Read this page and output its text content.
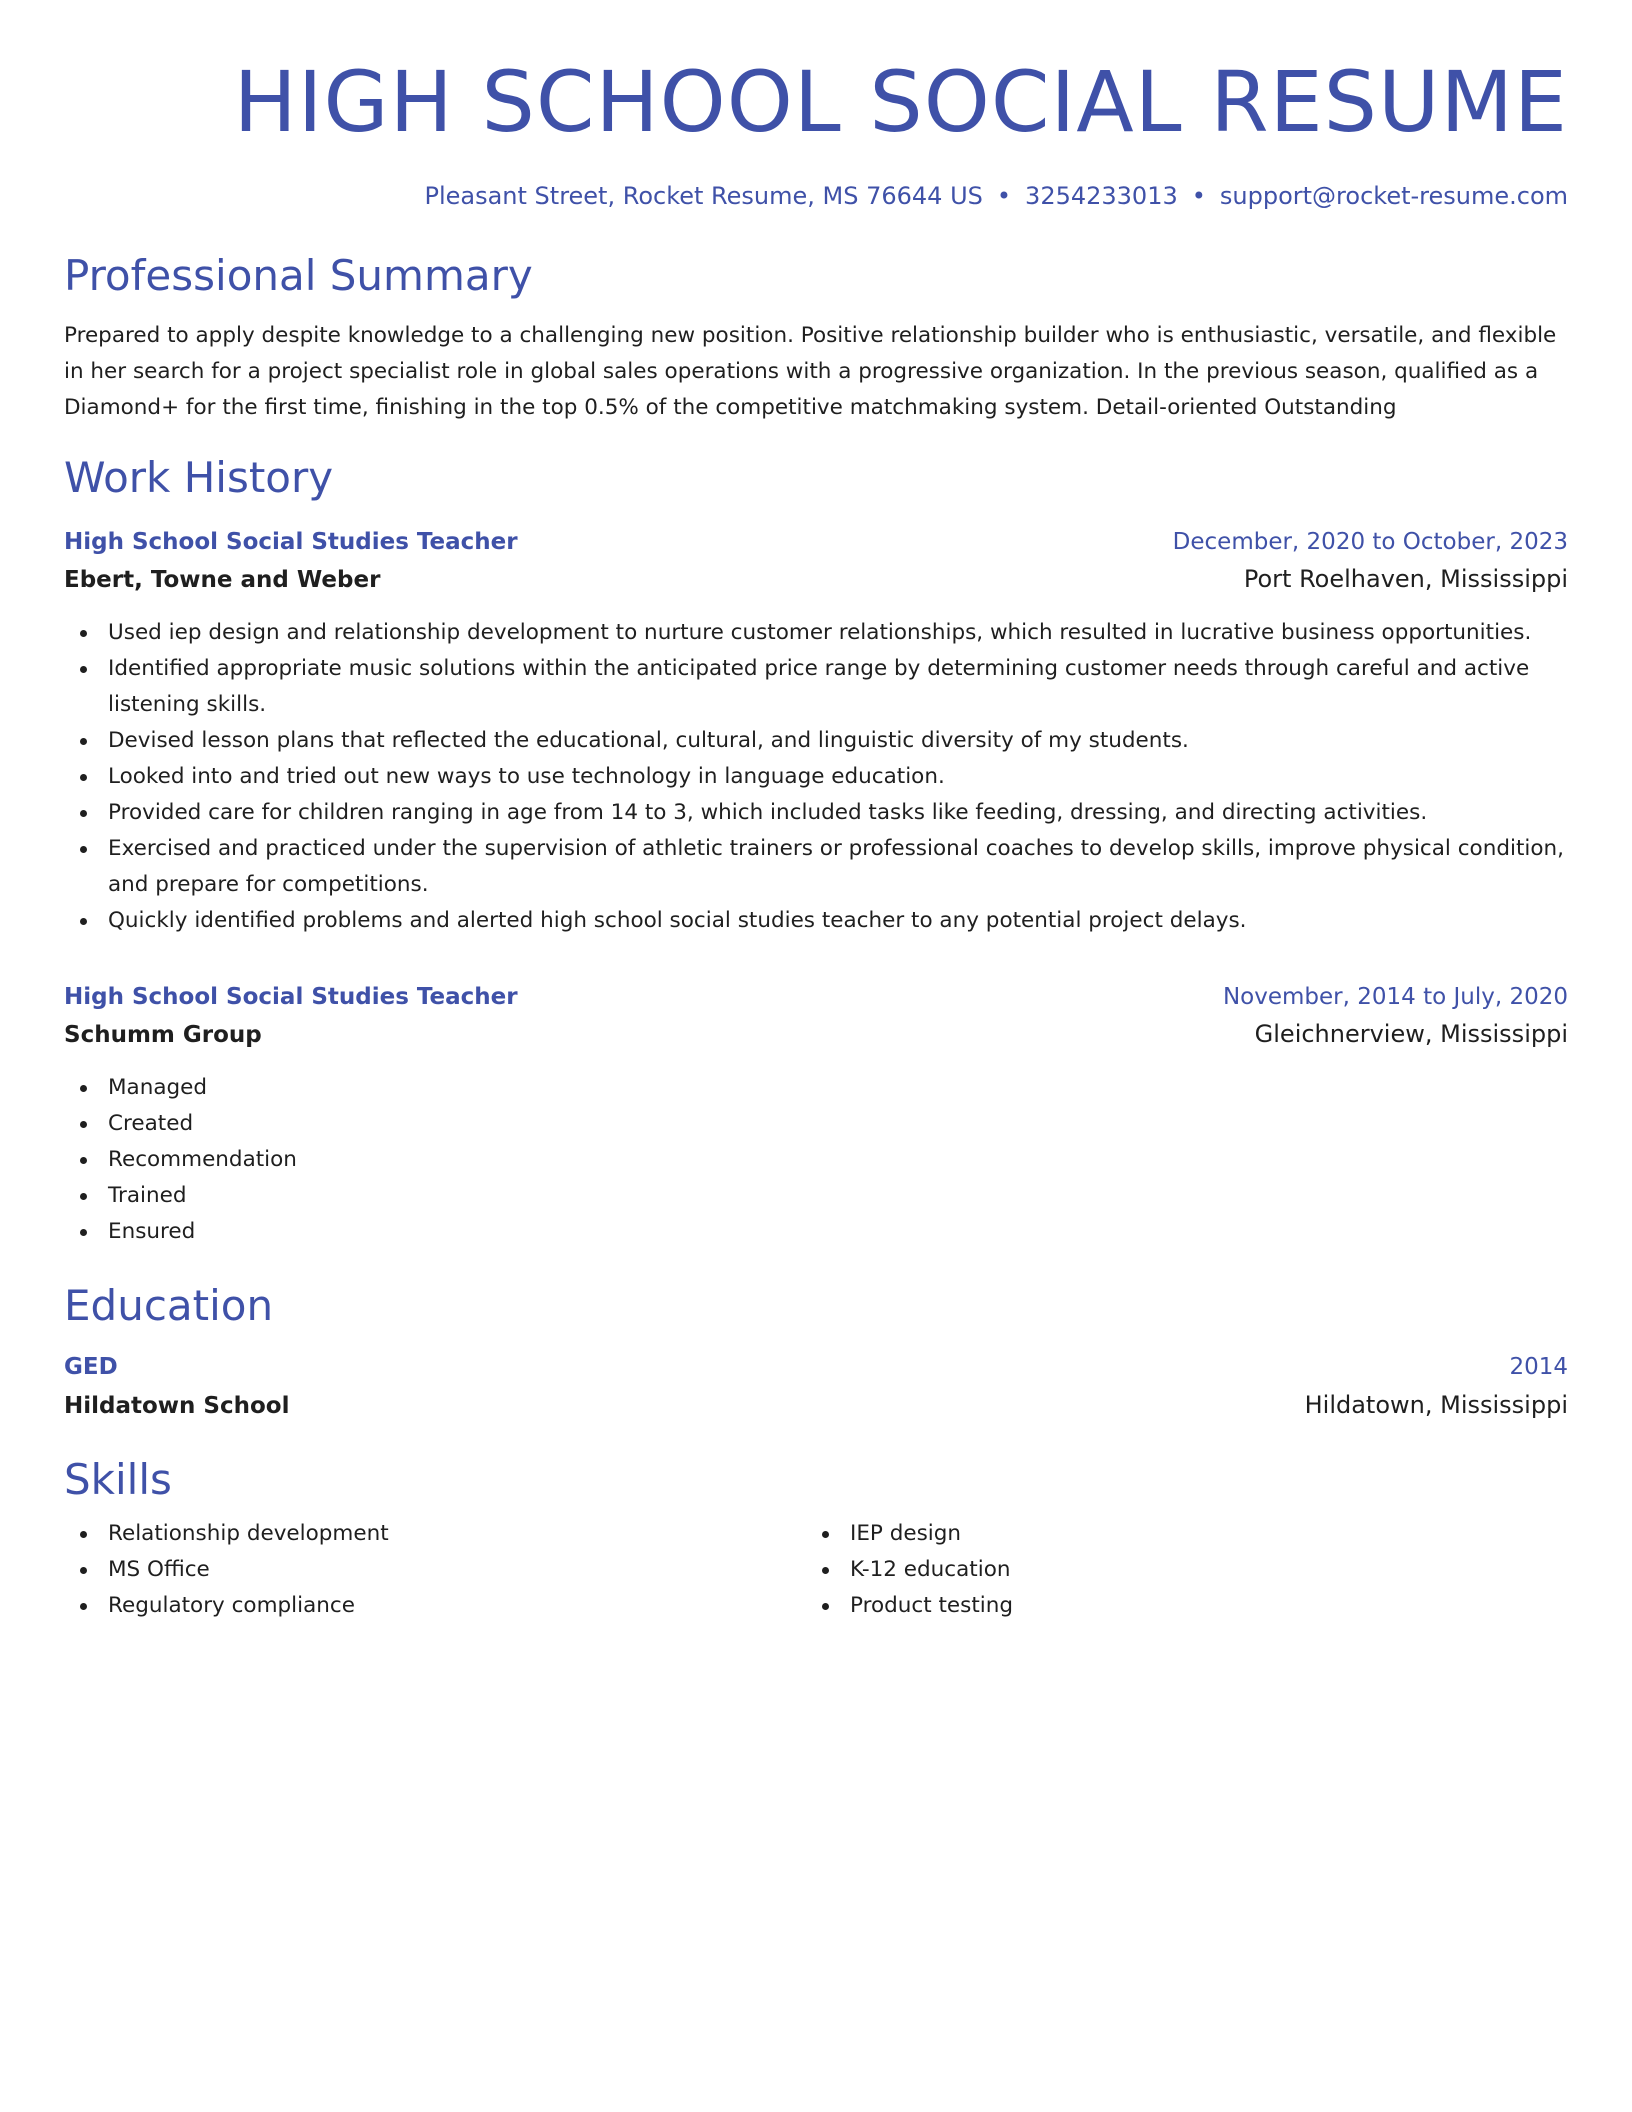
HIGH SCHOOL SOCIAL RESUME
Pleasant Street, Rocket Resume, MS 76644 US • 3254233013 • support@rocket-resume.com
Professional Summary

Prepared to apply despite knowledge to a challenging new position. Positive relationship builder who is enthusiastic, versatile, and flexible in her search for a project specialist role in global sales operations with a progressive organization. In the previous season, qualified as a Diamond+ for the first time, finishing in the top 0.5% of the competitive matchmaking system. Detail-oriented Outstanding

Work History
High School Social Studies Teacher	December, 2020 to October, 2023
Ebert, Towne and Weber	Port Roelhaven, Mississippi
Used iep design and relationship development to nurture customer relationships, which resulted in lucrative business opportunities.
Identified appropriate music solutions within the anticipated price range by determining customer needs through careful and active listening skills.
Devised lesson plans that reflected the educational, cultural, and linguistic diversity of my students.
Looked into and tried out new ways to use technology in language education.
Provided care for children ranging in age from 14 to 3, which included tasks like feeding, dressing, and directing activities.
Exercised and practiced under the supervision of athletic trainers or professional coaches to develop skills, improve physical condition, and prepare for competitions.
Quickly identified problems and alerted high school social studies teacher to any potential project delays.
High School Social Studies Teacher	November, 2014 to July, 2020
Schumm Group	Gleichnerview, Mississippi
Managed
Created
Recommendation
Trained
Ensured
Education
GED	2014
Hildatown School	Hildatown, Mississippi
Skills
Relationship development
MS Office
Regulatory compliance
IEP design
K-12 education
Product testing
